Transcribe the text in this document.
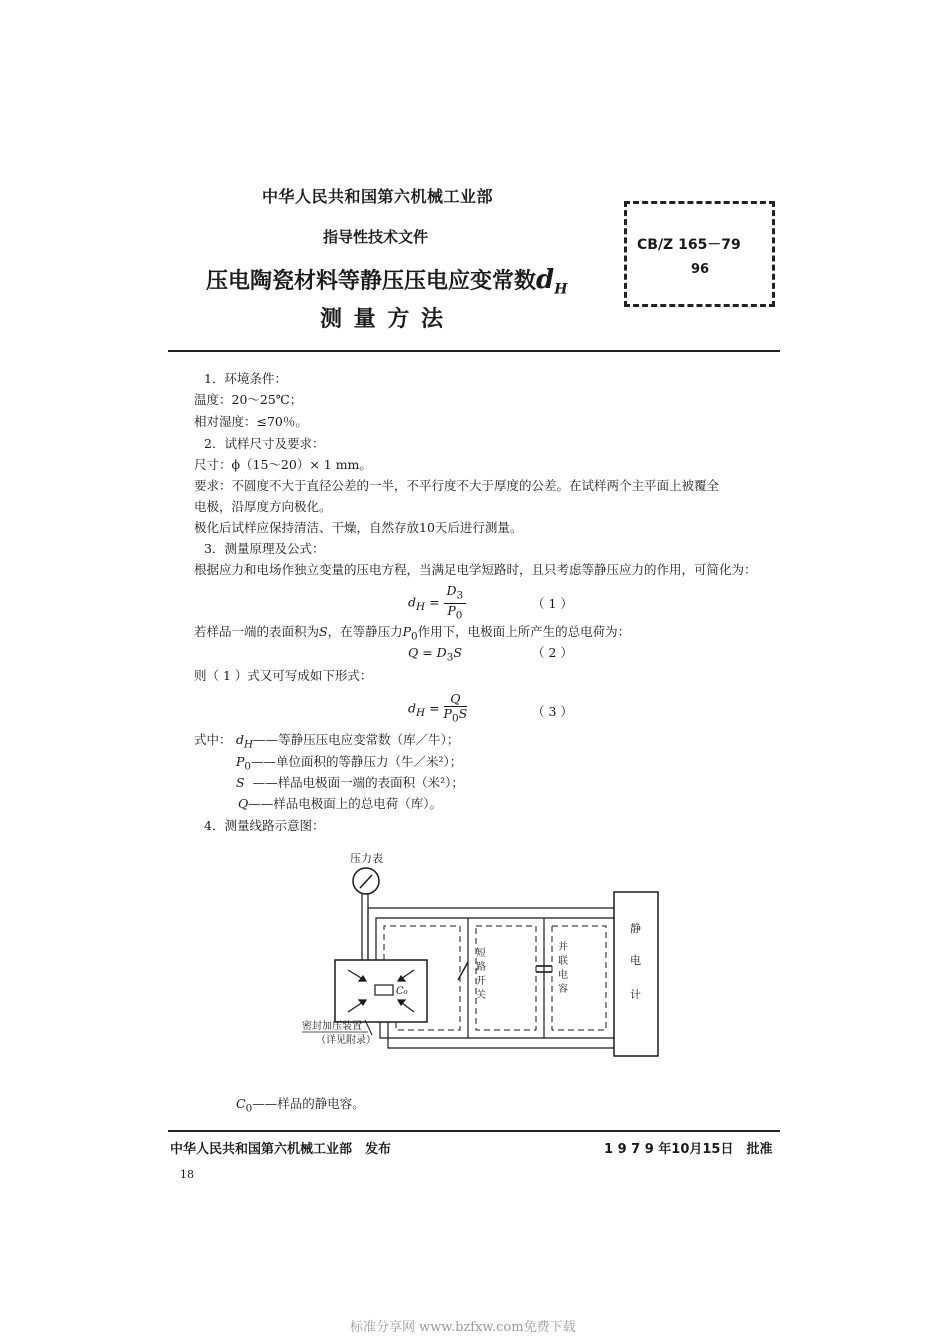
中华人民共和国第六机械工业部
指导性技术文件
压电陶瓷材料等静压压电应变常数$d_H$
测 量 方 法
CB/Z 165－79
96
1．环境条件：
温度：20～25℃；
相对湿度：≤70％。
2．试样尺寸及要求：
尺寸：ϕ（15～20）× 1 mm。
要求：不圆度不大于直径公差的一半，不平行度不大于厚度的公差。在试样两个主平面上被覆全
电极，沿厚度方向极化。
极化后试样应保持清洁、干燥，自然存放10天后进行测量。
3．测量原理及公式：
根据应力和电场作独立变量的压电方程，当满足电学短路时，且只考虑等静压应力的作用，可简化为：
$d_H = \frac{D_3}{P_0}$	（ 1 ）
若样品一端的表面积为S，在等静压力$P_0$作用下，电极面上所产生的总电荷为：
$Q = D_3S$	（ 2 ）
则（ 1 ）式又可写成如下形式：
$d_H = \frac{Q}{P_0S}$	（ 3 ）
式中： $d_H——$等静压压电应变常数（库／牛）；
$P_0——$单位面积的等静压力（牛／米²）；
S ——样品电极面一端的表面积（米²）；
Q——样品电极面上的总电荷（库）。
4．测量线路示意图：
压力表
C₀
密封加压装置
（详见附录）
短 路 开 关
并 联 电 容
静 电 计
$C_0——$样品的静电容。
中华人民共和国第六机械工业部　发布	1 9 7 9 年10月15日　批准
18
标准分享网 www.bzfxw.com免费下载
